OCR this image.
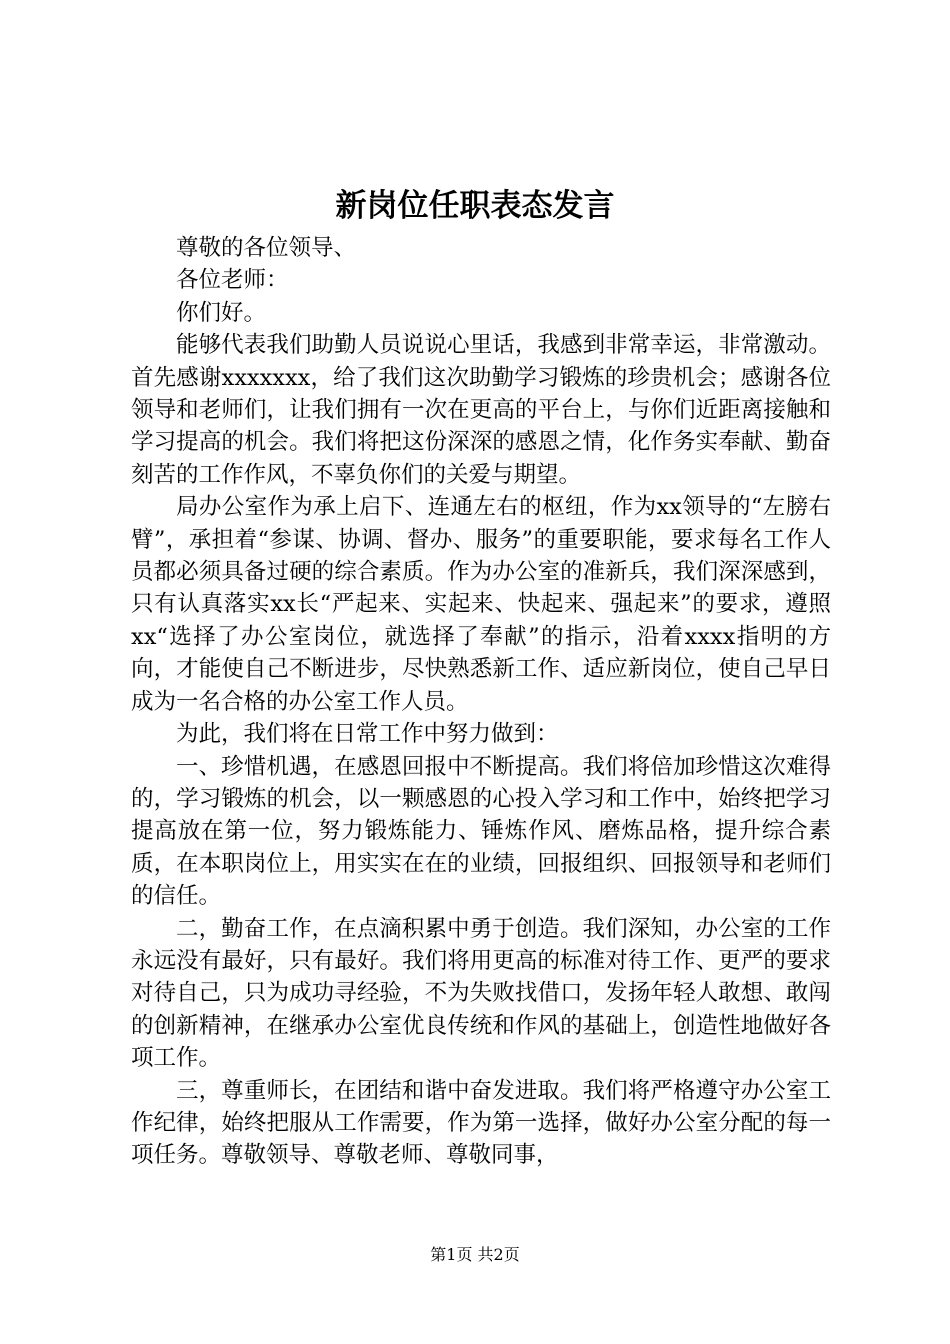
新岗位任职表态发言

尊敬的各位领导、

各位老师：

你们好。

能够代表我们助勤人员说说心里话，我感到非常幸运，非常激动。首先感谢xxxxxxx，给了我们这次助勤学习锻炼的珍贵机会；感谢各位领导和老师们，让我们拥有一次在更高的平台上，与你们近距离接触和学习提高的机会。我们将把这份深深的感恩之情，化作务实奉献、勤奋刻苦的工作作风，不辜负你们的关爱与期望。

局办公室作为承上启下、连通左右的枢纽，作为xx领导的“左膀右臂”，承担着“参谋、协调、督办、服务”的重要职能，要求每名工作人员都必须具备过硬的综合素质。作为办公室的准新兵，我们深深感到，只有认真落实xx长“严起来、实起来、快起来、强起来”的要求，遵照xx“选择了办公室岗位，就选择了奉献”的指示，沿着xxxx指明的方向，才能使自己不断进步，尽快熟悉新工作、适应新岗位，使自己早日成为一名合格的办公室工作人员。

为此，我们将在日常工作中努力做到：

一、珍惜机遇，在感恩回报中不断提高。我们将倍加珍惜这次难得的，学习锻炼的机会，以一颗感恩的心投入学习和工作中，始终把学习提高放在第一位，努力锻炼能力、锤炼作风、磨炼品格，提升综合素质，在本职岗位上，用实实在在的业绩，回报组织、回报领导和老师们的信任。

二，勤奋工作，在点滴积累中勇于创造。我们深知，办公室的工作永远没有最好，只有最好。我们将用更高的标准对待工作、更严的要求对待自己，只为成功寻经验，不为失败找借口，发扬年轻人敢想、敢闯的创新精神，在继承办公室优良传统和作风的基础上，创造性地做好各项工作。

三，尊重师长，在团结和谐中奋发进取。我们将严格遵守办公室工作纪律，始终把服从工作需要，作为第一选择，做好办公室分配的每一项任务。尊敬领导、尊敬老师、尊敬同事，

第1页 共2页
